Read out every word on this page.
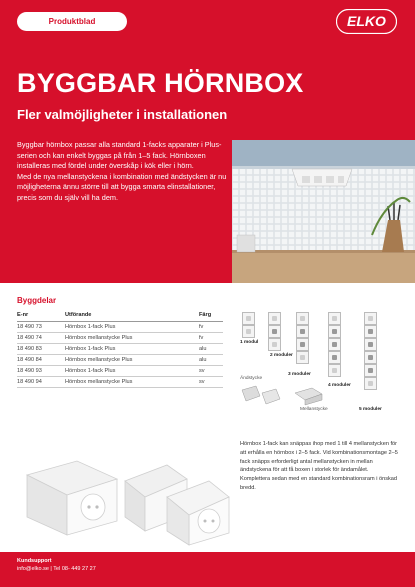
Produktblad	ELKO
BYGGBAR HÖRNBOX
Fler valmöjligheter i installationen

Byggbar hörnbox passar alla standard 1-facks apparater i Plus-serien och kan enkelt byggas på från 1–5 fack. Hörnboxen installeras med fördel under överskåp i kök eller i hörn.

Med de nya mellanstyckena i kombination med ändstycken är nu möjligheterna ännu större till att bygga smarta elinstallationer, precis som du själv vill ha dem.

Byggdelar
E-nr	Utförande	Färg
18 490 73	Hörnbox 1-fack Plus	fv
18 490 74	Hörnbox mellanstycke Plus	fv
18 490 83	Hörnbox 1-fack Plus	alu
18 490 84	Hörnbox mellanstycke Plus	alu
18 490 93	Hörnbox 1-fack Plus	sv
18 490 94	Hörnbox mellanstycke Plus	sv
1 modul
2 moduler
3 moduler
4 moduler
5 moduler
Ändstycke
Mellanstycke
Hörnbox 1-fack kan snäppas ihop med 1 till 4 mellanstycken för att erhålla en hörnbox i 2–5 fack. Vid kombinationsmontage 2–5 fack snäpps erforderligt antal mellanstycken in mellan ändstyckena för att få boxen i storlek för ändamålet. Komplettera sedan med en standard kombinationsram i önskad bredd.
Kundsupport
info@elko.se | Tel 08- 449 27 27
